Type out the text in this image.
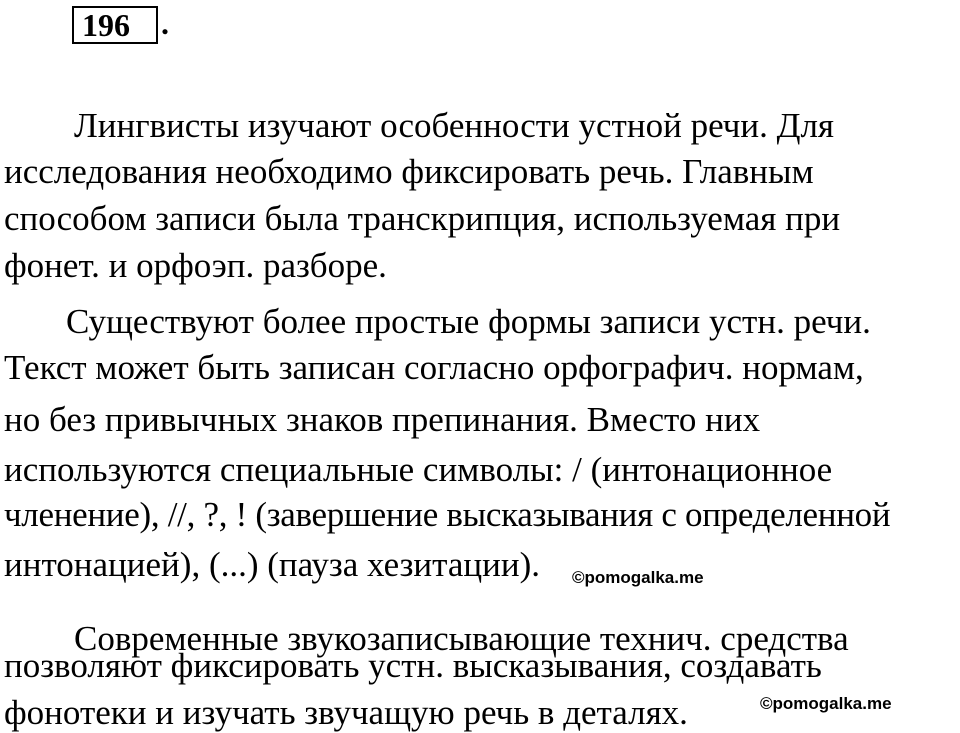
196 .
Лингвисты изучают особенности устной речи. Для
исследования необходимо фиксировать речь. Главным
способом записи была транскрипция, используемая при
фонет. и орфоэп. разборе.
Существуют более простые формы записи устн. речи.
Текст может быть записан согласно орфографич. нормам,
но без привычных знаков препинания. Вместо них
используются специальные символы: / (интонационное
членение), //, ?, ! (завершение высказывания с определенной
интонацией), (...) (пауза хезитации). ©pomogalka.me
Современные звукозаписывающие технич. средства
позволяют фиксировать устн. высказывания, создавать
фонотеки и изучать звучащую речь в деталях.	©pomogalka.me
